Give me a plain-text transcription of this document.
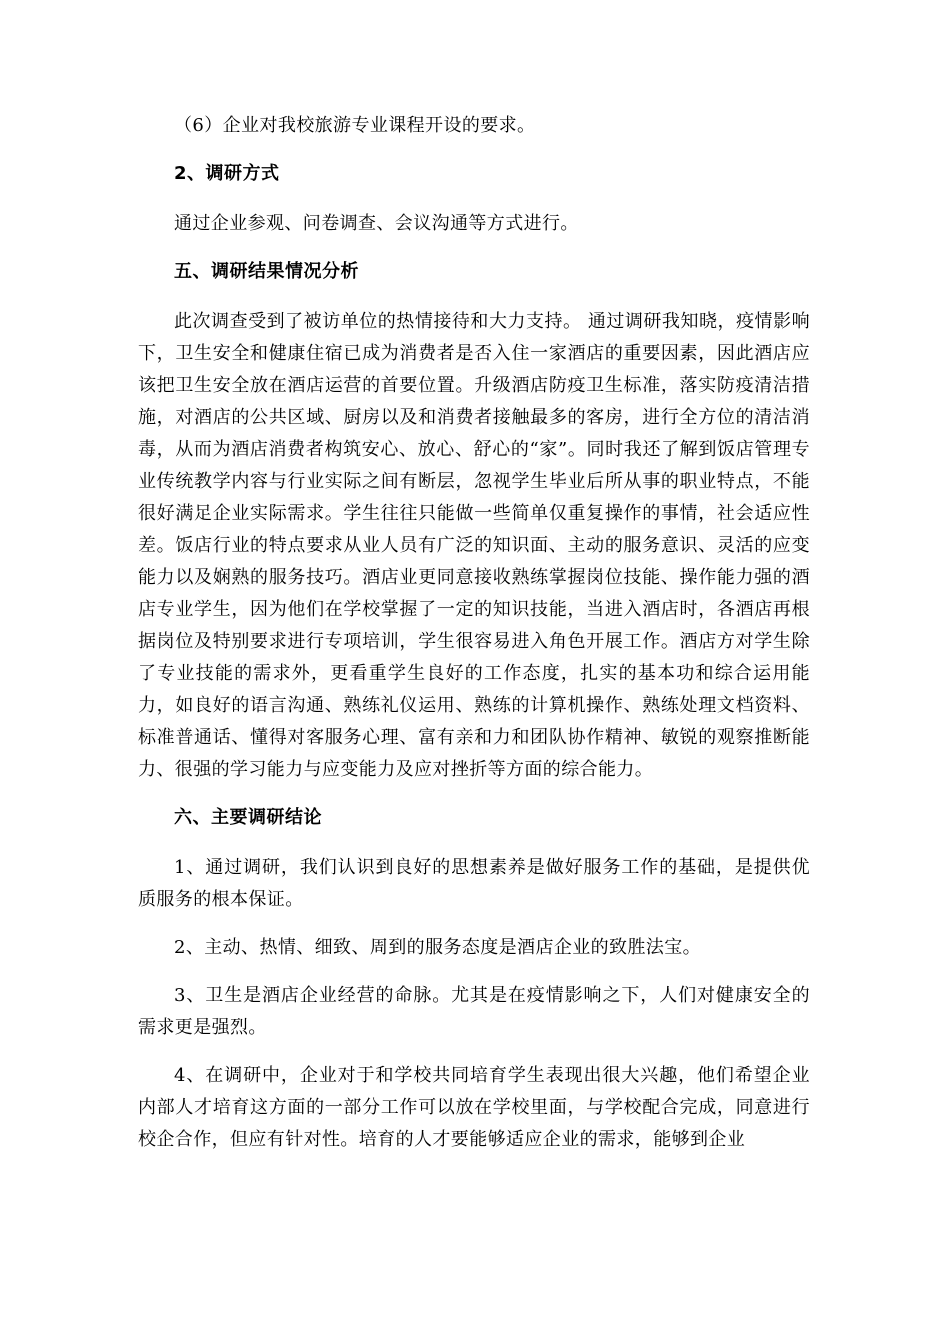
（6）企业对我校旅游专业课程开设的要求。

2、调研方式

通过企业参观、问卷调查、会议沟通等方式进行。

五、调研结果情况分析

此次调查受到了被访单位的热情接待和大力支持。 通过调研我知晓，疫情影响下，卫生安全和健康住宿已成为消费者是否入住一家酒店的重要因素，因此酒店应该把卫生安全放在酒店运营的首要位置。升级酒店防疫卫生标准，落实防疫清洁措施，对酒店的公共区域、厨房以及和消费者接触最多的客房，进行全方位的清洁消毒，从而为酒店消费者构筑安心、放心、舒心的“家”。同时我还了解到饭店管理专业传统教学内容与行业实际之间有断层，忽视学生毕业后所从事的职业特点，不能很好满足企业实际需求。学生往往只能做一些简单仅重复操作的事情，社会适应性差。饭店行业的特点要求从业人员有广泛的知识面、主动的服务意识、灵活的应变能力以及娴熟的服务技巧。酒店业更同意接收熟练掌握岗位技能、操作能力强的酒店专业学生，因为他们在学校掌握了一定的知识技能，当进入酒店时，各酒店再根据岗位及特别要求进行专项培训，学生很容易进入角色开展工作。酒店方对学生除了专业技能的需求外，更看重学生良好的工作态度，扎实的基本功和综合运用能力，如良好的语言沟通、熟练礼仪运用、熟练的计算机操作、熟练处理文档资料、标准普通话、懂得对客服务心理、富有亲和力和团队协作精神、敏锐的观察推断能力、很强的学习能力与应变能力及应对挫折等方面的综合能力。

六、主要调研结论

1、通过调研，我们认识到良好的思想素养是做好服务工作的基础，是提供优质服务的根本保证。

2、主动、热情、细致、周到的服务态度是酒店企业的致胜法宝。

3、卫生是酒店企业经营的命脉。尤其是在疫情影响之下，人们对健康安全的需求更是强烈。

4、在调研中，企业对于和学校共同培育学生表现出很大兴趣，他们希望企业内部人才培育这方面的一部分工作可以放在学校里面，与学校配合完成，同意进行校企合作，但应有针对性。培育的人才要能够适应企业的需求，能够到企业
